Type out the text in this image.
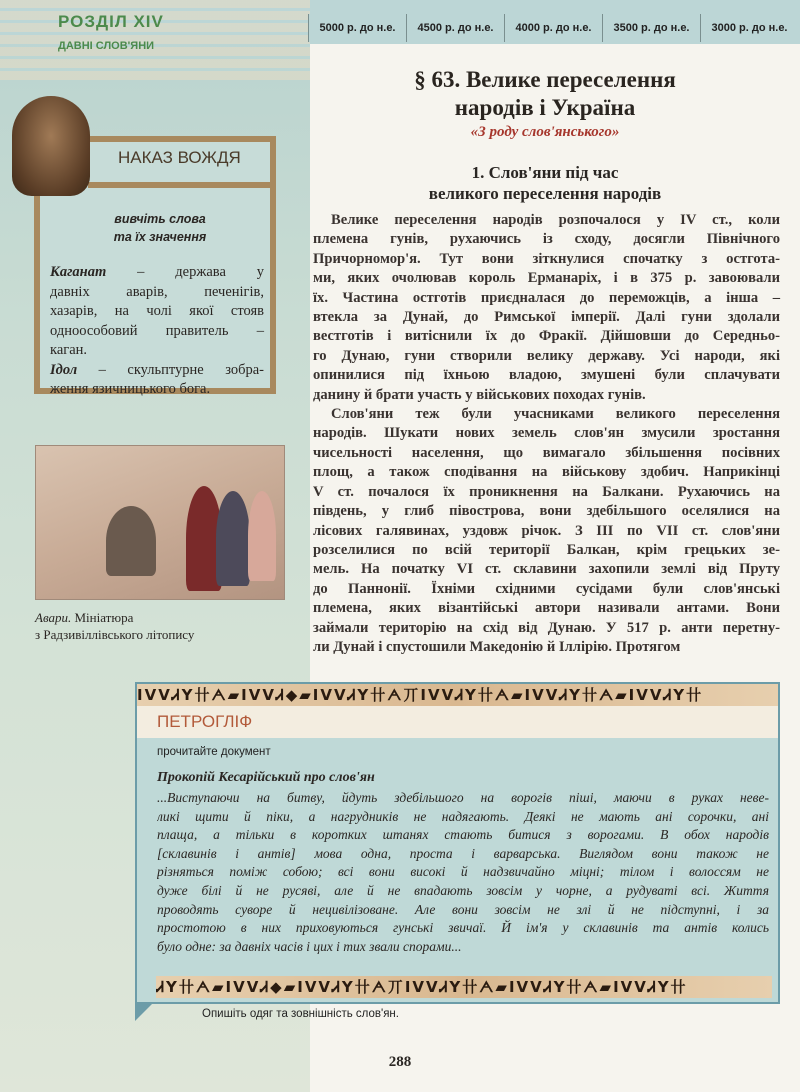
РОЗДІЛ XIV
ДАВНІ СЛОВ'ЯНИ
5000 р. до н.е.	4500 р. до н.е.	4000 р. до н.е.	3500 р. до н.е.	3000 р. до н.е.
§ 63. Велике переселення
народів і Україна
«З роду слов'янського»
1. Слов'яни під час
великого переселення народів
Велике переселення народів розпочалося у IV ст., коли
племена гунів, рухаючись із сходу, досягли Північного
Причорномор'я. Тут вони зіткнулися спочатку з остгота-
ми, яких очолював король Ерманаріх, і в 375 р. завоювали
їх. Частина остготів приєдналася до переможців, а інша –
втекла за Дунай, до Римської імперії. Далі гуни здолали
вестготів і витіснили їх до Фракії. Дійшовши до Середньо-
го Дунаю, гуни створили велику державу. Усі народи, які
опинилися під їхньою владою, змушені були сплачувати
данину й брати участь у військових походах гунів.
Слов'яни теж були учасниками великого переселення
народів. Шукати нових земель слов'ян змусили зростання
чисельності населення, що вимагало збільшення посівних
площ, а також сподівання на військову здобич. Наприкінці
V ст. почалося їх проникнення на Балкани. Рухаючись на
південь, у глиб півострова, вони здебільшого оселялися на
лісових галявинах, уздовж річок. З III по VII ст. слов'яни
розселилися по всій території Балкан, крім грецьких зе-
мель. На початку VI ст. склавини захопили землі від Пруту
до Паннонії. Їхніми східними сусідами були слов'янські
племена, яких візантійські автори називали антами. Вони
займали територію на схід від Дунаю. У 517 р. анти перетну-
ли Дунай і спустошили Македонію й Іллірію. Протягом
НАКАЗ ВОЖДЯ
вивчіть слова
та їх значення
Каганат – держава у
давніх аварів, печенігів,
хазарів, на чолі якої стояв
одноособовий правитель –
каган.
Ідол – скульптурне зобра-
ження язичницького бога.
Авари. Мініатюра
з Радзивіллівського літопису
IVVᏗY卄ᗅ▰IVVᏗ◆▰IVVᏗY卄ᗅ丌IVVᏗY卄ᗅ▰IVVᏗY卄ᗅ▰IVVᏗY卄
ПЕТРОГЛІФ
прочитайте документ
Прокопій Кесарійський про слов'ян
...Виступаючи на битву, йдуть здебільшого на ворогів піші, маючи в руках неве-
ликі щити й піки, а нагрудників не надягають. Деякі не мають ані сорочки, ані
плаща, а тільки в коротких штанях стають битися з ворогами. В обох народів
[склавинів і антів] мова одна, проста і варварська. Виглядом вони також не
різняться поміж собою; всі вони високі й надзвичайно міцні; тілом і волоссям не
дуже білі й не русяві, але й не впадають зовсім у чорне, а рудуваті всі. Життя
проводять суворе й нецивілізоване. Але вони зовсім не злі й не підступні, і за
простотою в них приховуються гунські звичаї. Й ім'я у склавинів та антів колись
було одне: за давніх часів і цих і тих звали спорами...
ᏗY卄ᗅ▰IVVᏗ◆▰IVVᏗY卄ᗅ丌IVVᏗY卄ᗅ▰IVVᏗY卄ᗅ▰IVVᏗY卄
Опишіть одяг та зовнішність слов'ян.
288
